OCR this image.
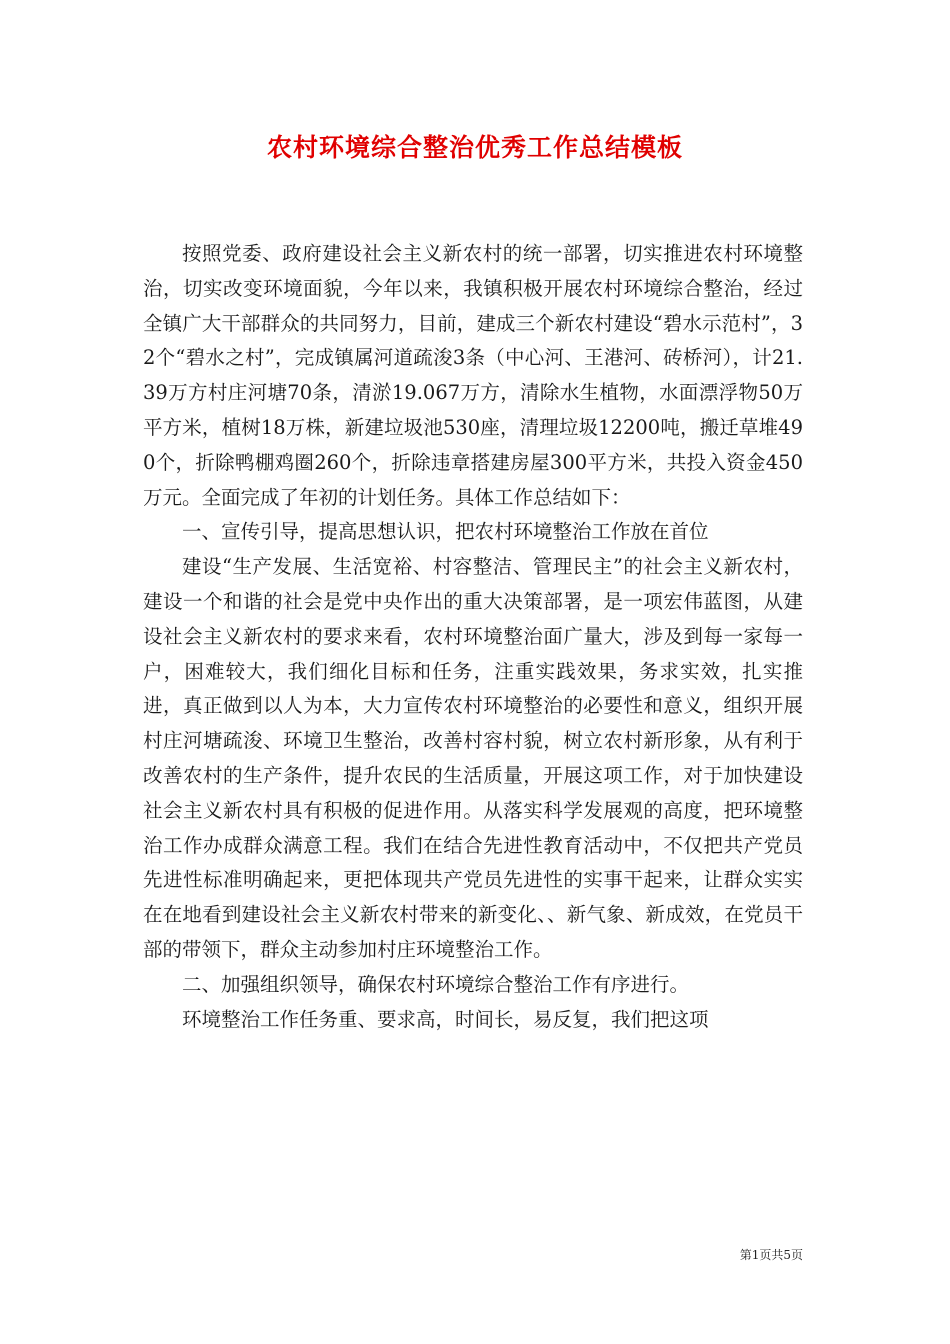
农村环境综合整治优秀工作总结模板

按照党委、政府建设社会主义新农村的统一部署，切实推进农村环境整治，切实改变环境面貌，今年以来，我镇积极开展农村环境综合整治，经过全镇广大干部群众的共同努力，目前，建成三个新农村建设“碧水示范村”，32个“碧水之村”，完成镇属河道疏浚3条（中心河、王港河、砖桥河），计21.39万方村庄河塘70条，清淤19.067万方，清除水生植物，水面漂浮物50万平方米，植树18万株，新建垃圾池530座，清理垃圾12200吨，搬迁草堆490个，折除鸭棚鸡圈260个，折除违章搭建房屋300平方米，共投入资金450万元。全面完成了年初的计划任务。具体工作总结如下：

一、宣传引导，提高思想认识，把农村环境整治工作放在首位

建设“生产发展、生活宽裕、村容整洁、管理民主”的社会主义新农村，建设一个和谐的社会是党中央作出的重大决策部署，是一项宏伟蓝图，从建设社会主义新农村的要求来看，农村环境整治面广量大，涉及到每一家每一户，困难较大，我们细化目标和任务，注重实践效果，务求实效，扎实推进，真正做到以人为本，大力宣传农村环境整治的必要性和意义，组织开展村庄河塘疏浚、环境卫生整治，改善村容村貌，树立农村新形象，从有利于改善农村的生产条件，提升农民的生活质量，开展这项工作，对于加快建设社会主义新农村具有积极的促进作用。从落实科学发展观的高度，把环境整治工作办成群众满意工程。我们在结合先进性教育活动中，不仅把共产党员先进性标准明确起来，更把体现共产党员先进性的实事干起来，让群众实实在在地看到建设社会主义新农村带来的新变化、、新气象、新成效，在党员干部的带领下，群众主动参加村庄环境整治工作。

二、加强组织领导，确保农村环境综合整治工作有序进行。

环境整治工作任务重、要求高，时间长，易反复，我们把这项

第1页共5页
